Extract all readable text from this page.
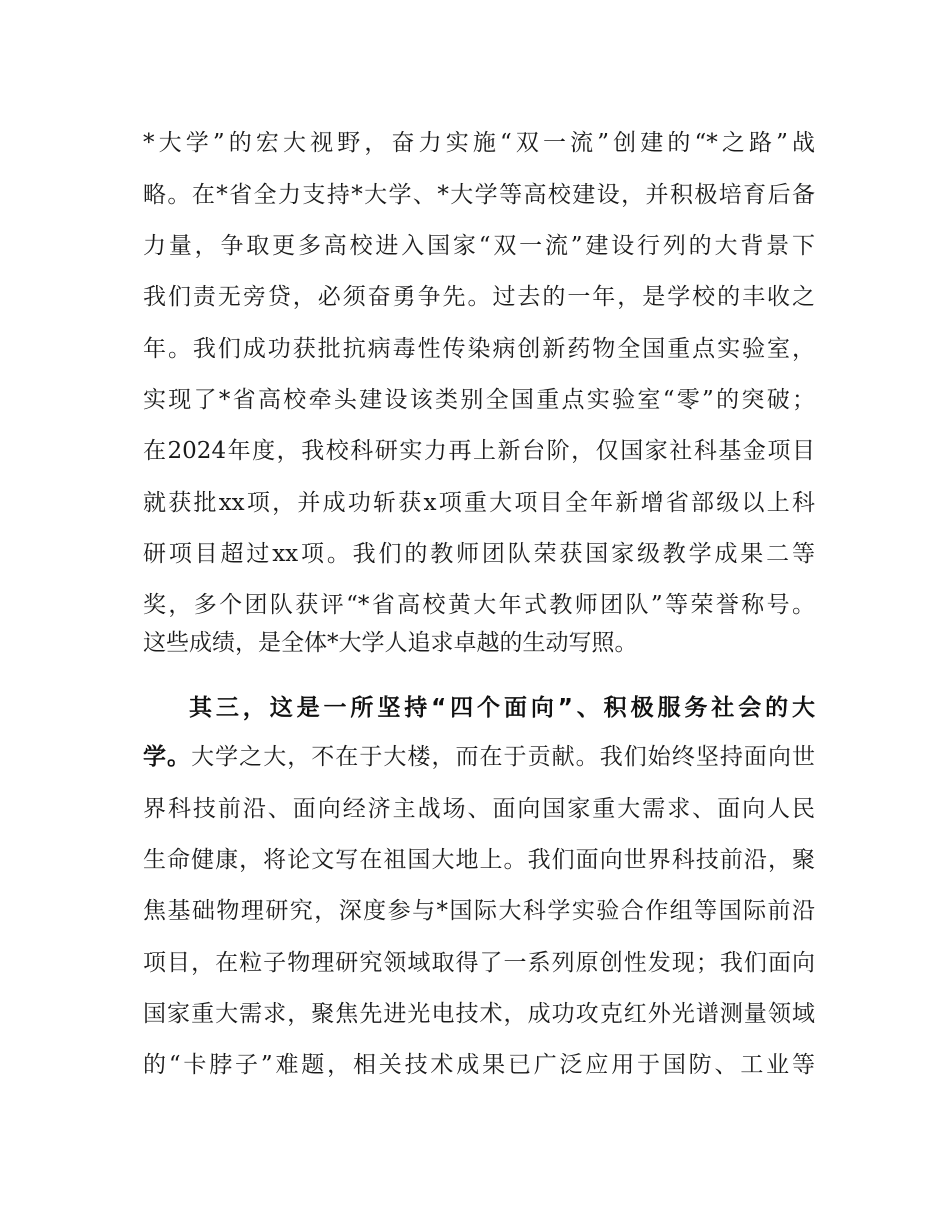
*大学”的宏大视野，奋力实施“双一流”创建的“*之路”战
略。在*省全力支持*大学、*大学等高校建设，并积极培育后备
力量，争取更多高校进入国家“双一流”建设行列的大背景下
我们责无旁贷，必须奋勇争先。过去的一年，是学校的丰收之
年。我们成功获批抗病毒性传染病创新药物全国重点实验室，
实现了*省高校牵头建设该类别全国重点实验室“零”的突破；
在2024年度，我校科研实力再上新台阶，仅国家社科基金项目
就获批xx项，并成功斩获x项重大项目全年新增省部级以上科
研项目超过xx项。我们的教师团队荣获国家级教学成果二等
奖，多个团队获评“*省高校黄大年式教师团队”等荣誉称号。
这些成绩，是全体*大学人追求卓越的生动写照。
其三，这是一所坚持“四个面向”、积极服务社会的大
学。大学之大，不在于大楼，而在于贡献。我们始终坚持面向世
界科技前沿、面向经济主战场、面向国家重大需求、面向人民
生命健康，将论文写在祖国大地上。我们面向世界科技前沿，聚
焦基础物理研究，深度参与*国际大科学实验合作组等国际前沿
项目，在粒子物理研究领域取得了一系列原创性发现；我们面向
国家重大需求，聚焦先进光电技术，成功攻克红外光谱测量领域
的“卡脖子”难题，相关技术成果已广泛应用于国防、工业等
